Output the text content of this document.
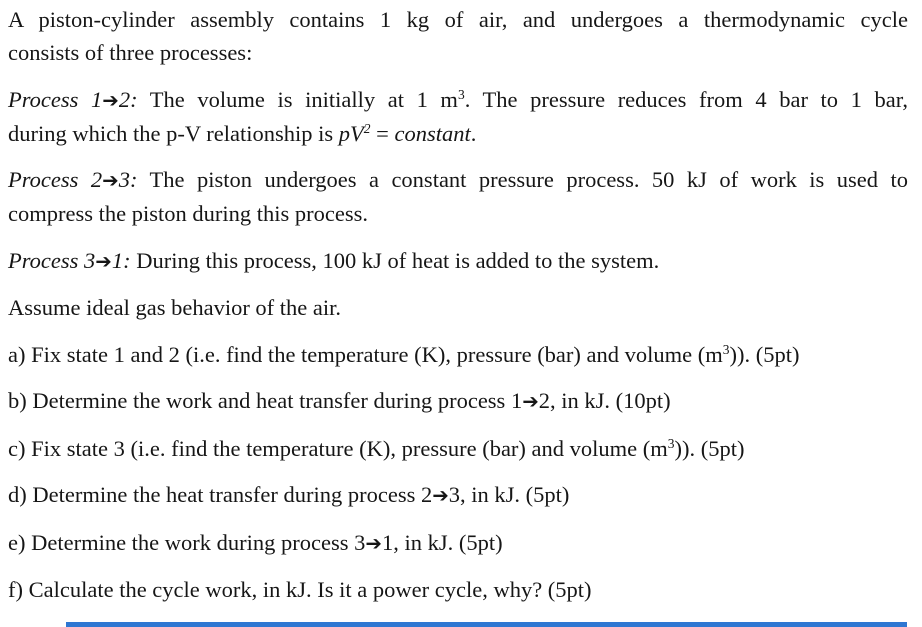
A piston-cylinder assembly contains 1 kg of air, and undergoes a thermodynamic cycle
consists of three processes:

Process 1➔2: The volume is initially at 1 $m^3$. The pressure reduces from 4 bar to 1 bar,
during which the p-V relationship is $pV^2$ = constant.

Process 2➔3: The piston undergoes a constant pressure process. 50 kJ of work is used to
compress the piston during this process.

Process 3➔1: During this process, 100 kJ of heat is added to the system.

Assume ideal gas behavior of the air.

a) Fix state 1 and 2 (i.e. find the temperature (K), pressure (bar) and volume $(m^3)$). (5pt)

b) Determine the work and heat transfer during process 1➔2, in kJ. (10pt)

c) Fix state 3 (i.e. find the temperature (K), pressure (bar) and volume $(m^3)$). (5pt)

d) Determine the heat transfer during process 2➔3, in kJ. (5pt)

e) Determine the work during process 3➔1, in kJ. (5pt)

f) Calculate the cycle work, in kJ. Is it a power cycle, why? (5pt)
